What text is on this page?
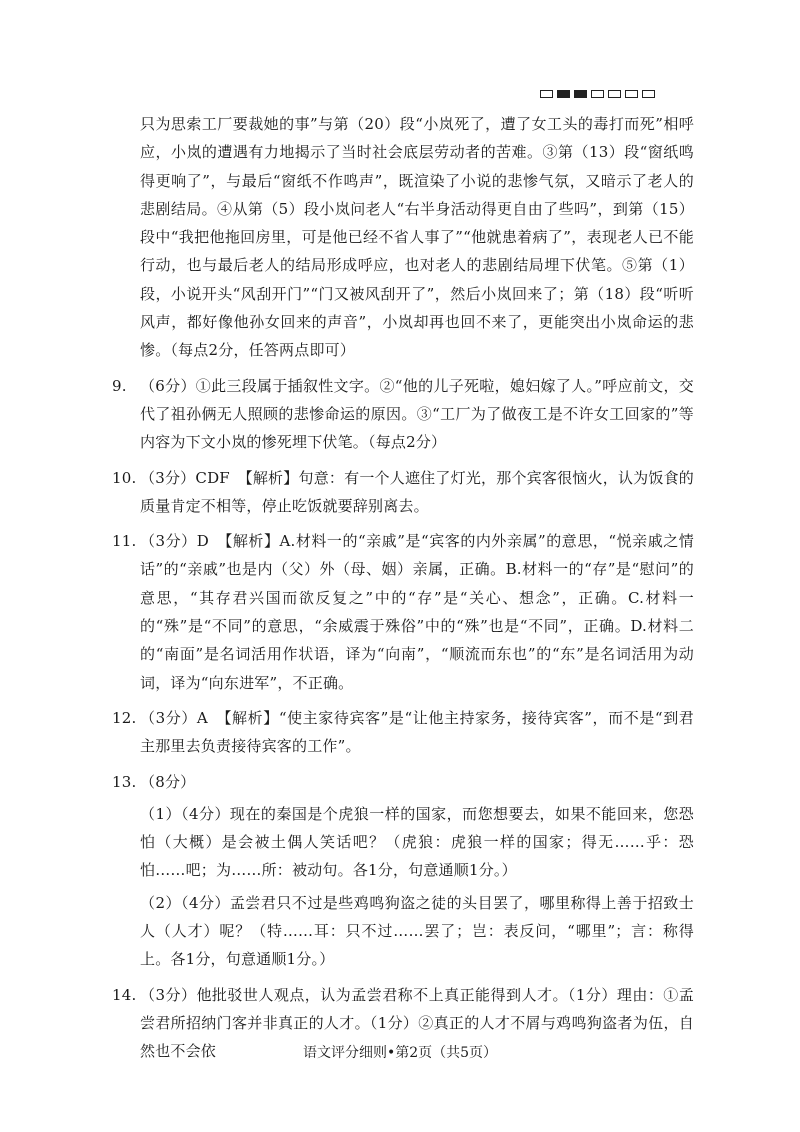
只为思索工厂要裁她的事”与第（20）段“小岚死了，遭了女工头的毒打而死”相呼应，小岚的遭遇有力地揭示了当时社会底层劳动者的苦难。③第（13）段“窗纸鸣得更响了”，与最后“窗纸不作鸣声”，既渲染了小说的悲惨气氛，又暗示了老人的悲剧结局。④从第（5）段小岚问老人“右半身活动得更自由了些吗”，到第（15）段中“我把他拖回房里，可是他已经不省人事了”“他就患着病了”，表现老人已不能行动，也与最后老人的结局形成呼应，也对老人的悲剧结局埋下伏笔。⑤第（1）段，小说开头“风刮开门”“门又被风刮开了”，然后小岚回来了；第（18）段“听听风声，都好像他孙女回来的声音”，小岚却再也回不来了，更能突出小岚命运的悲惨。（每点2分，任答两点即可）
9. （6分）①此三段属于插叙性文字。②“他的儿子死啦，媳妇嫁了人。”呼应前文，交代了祖孙俩无人照顾的悲惨命运的原因。③“工厂为了做夜工是不许女工回家的”等内容为下文小岚的惨死埋下伏笔。（每点2分）
10. （3分）CDF　【解析】句意：有一个人遮住了灯光，那个宾客很恼火，认为饭食的质量肯定不相等，停止吃饭就要辞别离去。
11. （3分）D　【解析】A.材料一的“亲戚”是“宾客的内外亲属”的意思，“悦亲戚之情话”的“亲戚”也是内（父）外（母、姻）亲属，正确。B.材料一的“存”是“慰问”的意思，“其存君兴国而欲反复之”中的“存”是“关心、想念”，正确。C.材料一的“殊”是“不同”的意思，“余威震于殊俗”中的“殊”也是“不同”，正确。D.材料二的“南面”是名词活用作状语，译为“向南”，“顺流而东也”的“东”是名词活用为动词，译为“向东进军”，不正确。
12. （3分）A　【解析】“使主家待宾客”是“让他主持家务，接待宾客”，而不是“到君主那里去负责接待宾客的工作”。
13. （8分）
（1）（4分）现在的秦国是个虎狼一样的国家，而您想要去，如果不能回来，您恐怕（大概）是会被土偶人笑话吧？（虎狼：虎狼一样的国家；得无……乎：恐怕……吧；为……所：被动句。各1分，句意通顺1分。）
（2）（4分）孟尝君只不过是些鸡鸣狗盗之徒的头目罢了，哪里称得上善于招致士人（人才）呢？（特……耳：只不过……罢了；岂：表反问，“哪里”；言：称得上。各1分，句意通顺1分。）
14. （3分）他批驳世人观点，认为孟尝君称不上真正能得到人才。（1分）理由：①孟尝君所招纳门客并非真正的人才。（1分）②真正的人才不屑与鸡鸣狗盗者为伍，自然也不会依	语文评分细则•第2页（共5页）
